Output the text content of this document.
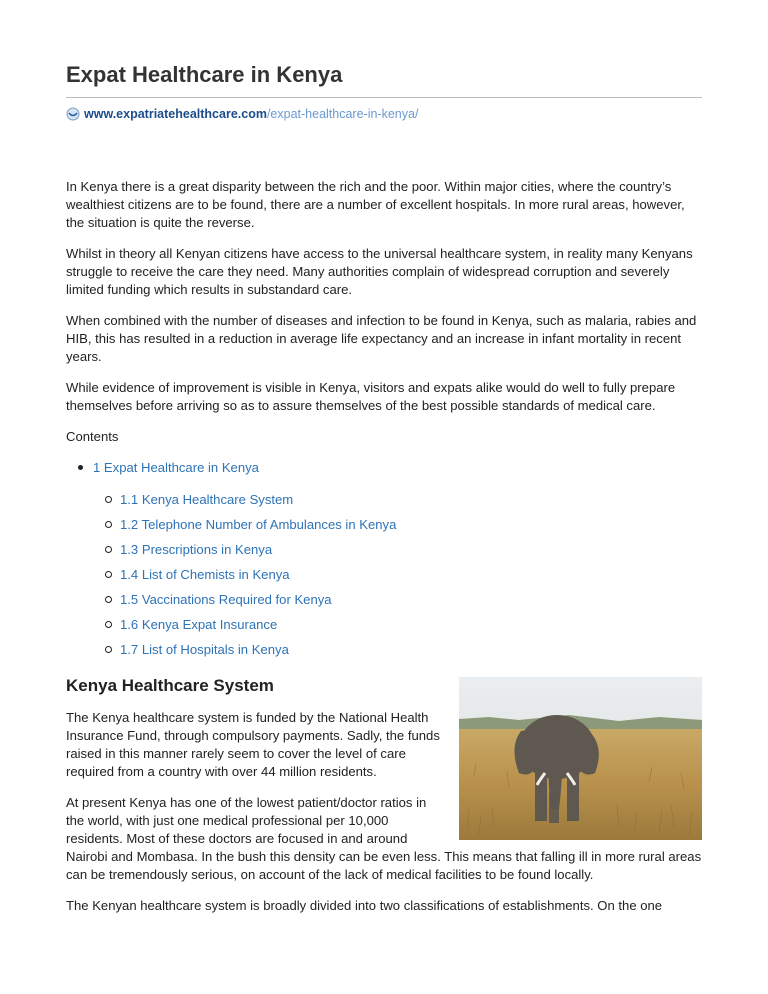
Expat Healthcare in Kenya
www.expatriatehealthcare.com/expat-healthcare-in-kenya/

In Kenya there is a great disparity between the rich and the poor. Within major cities, where the country’s wealthiest citizens are to be found, there are a number of excellent hospitals. In more rural areas, however, the situation is quite the reverse.

Whilst in theory all Kenyan citizens have access to the universal healthcare system, in reality many Kenyans struggle to receive the care they need. Many authorities complain of widespread corruption and severely limited funding which results in substandard care.

When combined with the number of diseases and infection to be found in Kenya, such as malaria, rabies and HIB, this has resulted in a reduction in average life expectancy and an increase in infant mortality in recent years.

While evidence of improvement is visible in Kenya, visitors and expats alike would do well to fully prepare themselves before arriving so as to assure themselves of the best possible standards of medical care.

Contents
1 Expat Healthcare in Kenya
1.1 Kenya Healthcare System
1.2 Telephone Number of Ambulances in Kenya
1.3 Prescriptions in Kenya
1.4 List of Chemists in Kenya
1.5 Vaccinations Required for Kenya
1.6 Kenya Expat Insurance
1.7 List of Hospitals in Kenya
Kenya Healthcare System

The Kenya healthcare system is funded by the National Health Insurance Fund, through compulsory payments. Sadly, the funds raised in this manner rarely seem to cover the level of care required from a country with over 44 million residents.

At present Kenya has one of the lowest patient/doctor ratios in the world, with just one medical professional per 10,000 residents. Most of these doctors are focused in and around Nairobi and Mombasa. In the bush this density can be even less. This means that falling ill in more rural areas can be tremendously serious, on account of the lack of medical facilities to be found locally.

The Kenyan healthcare system is broadly divided into two classifications of establishments. On the one
